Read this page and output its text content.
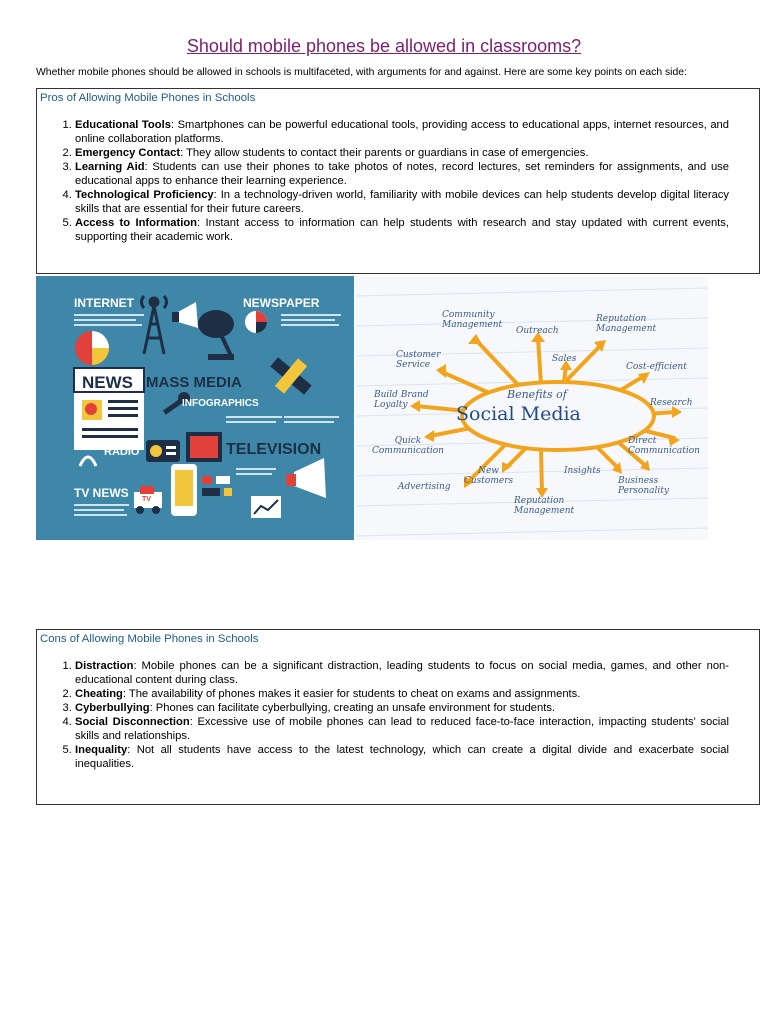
Should mobile phones be allowed in classrooms?

Whether mobile phones should be allowed in schools is multifaceted, with arguments for and against. Here are some key points on each side:

Pros of Allowing Mobile Phones in Schools
1. Educational Tools: Smartphones can be powerful educational tools, providing access to educational apps, internet resources, and online collaboration platforms.
2. Emergency Contact: They allow students to contact their parents or guardians in case of emergencies.
3. Learning Aid: Students can use their phones to take photos of notes, record lectures, set reminders for assignments, and use educational apps to enhance their learning experience.
4. Technological Proficiency: In a technology-driven world, familiarity with mobile devices can help students develop digital literacy skills that are essential for their future careers.
5. Access to Information: Instant access to information can help students with research and stay updated with current events, supporting their academic work.
INTERNET	NEWSPAPER
NEWS MASS MEDIA
INFOGRAPHICS
RADIO	TELEVISION
TV NEWS TV
Benefits of
Social Media
Community
Management
Outreach
Reputation
Management
Customer
Service
Sales
Cost-efficient
Build Brand
Loyalty	Research
Quick
Communication
Direct
Communication
New
Customers
Insights
Advertising
Business
Personality
Reputation
Management
Cons of Allowing Mobile Phones in Schools
1. Distraction: Mobile phones can be a significant distraction, leading students to focus on social media, games, and other non-educational content during class.
2. Cheating: The availability of phones makes it easier for students to cheat on exams and assignments.
3. Cyberbullying: Phones can facilitate cyberbullying, creating an unsafe environment for students.
4. Social Disconnection: Excessive use of mobile phones can lead to reduced face-to-face interaction, impacting students' social skills and relationships.
5. Inequality: Not all students have access to the latest technology, which can create a digital divide and exacerbate social inequalities.
